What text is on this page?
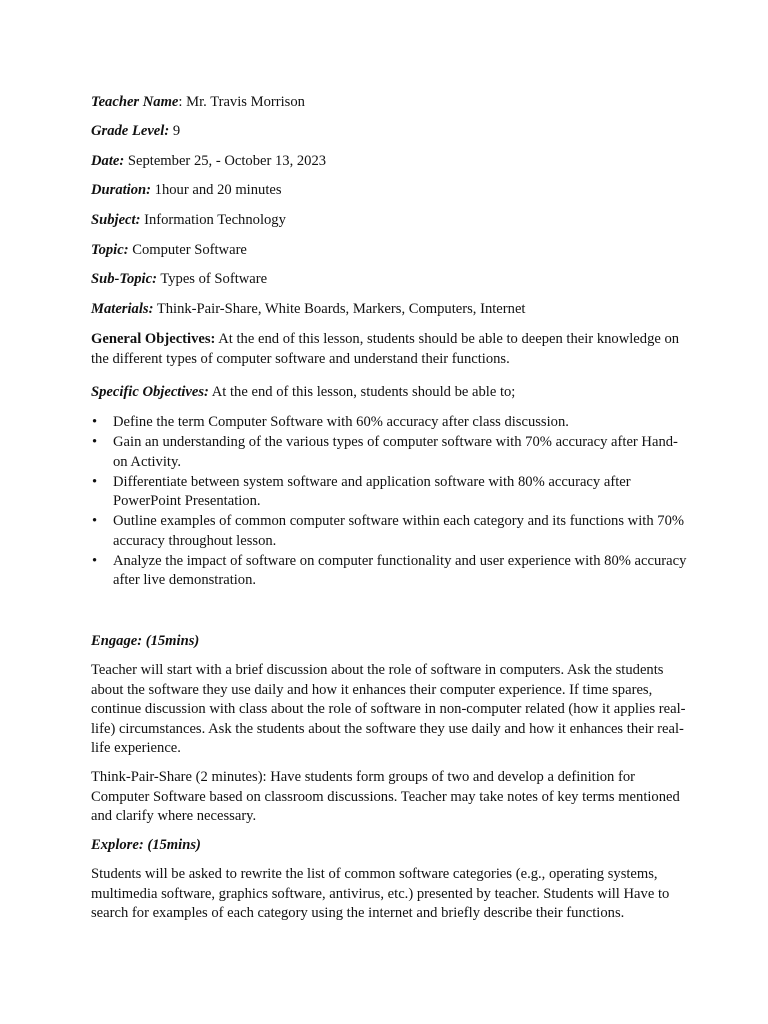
Teacher Name: Mr. Travis Morrison

Grade Level: 9

Date: September 25, - October 13, 2023

Duration: 1hour and 20 minutes

Subject: Information Technology

Topic: Computer Software

Sub-Topic: Types of Software

Materials: Think-Pair-Share, White Boards, Markers, Computers, Internet

General Objectives: At the end of this lesson, students should be able to deepen their knowledge on the different types of computer software and understand their functions.

Specific Objectives: At the end of this lesson, students should be able to;

• Define the term Computer Software with 60% accuracy after class discussion.
• Gain an understanding of the various types of computer software with 70% accuracy after Hand-on Activity.
• Differentiate between system software and application software with 80% accuracy after PowerPoint Presentation.
• Outline examples of common computer software within each category and its functions with 70% accuracy throughout lesson.
• Analyze the impact of software on computer functionality and user experience with 80% accuracy after live demonstration.

Engage: (15mins)

Teacher will start with a brief discussion about the role of software in computers. Ask the students about the software they use daily and how it enhances their computer experience. If time spares, continue discussion with class about the role of software in non-computer related (how it applies real-life) circumstances. Ask the students about the software they use daily and how it enhances their real-life experience.

Think-Pair-Share (2 minutes): Have students form groups of two and develop a definition for Computer Software based on classroom discussions. Teacher may take notes of key terms mentioned and clarify where necessary.

Explore: (15mins)

Students will be asked to rewrite the list of common software categories (e.g., operating systems, multimedia software, graphics software, antivirus, etc.) presented by teacher. Students will Have to search for examples of each category using the internet and briefly describe their functions.
